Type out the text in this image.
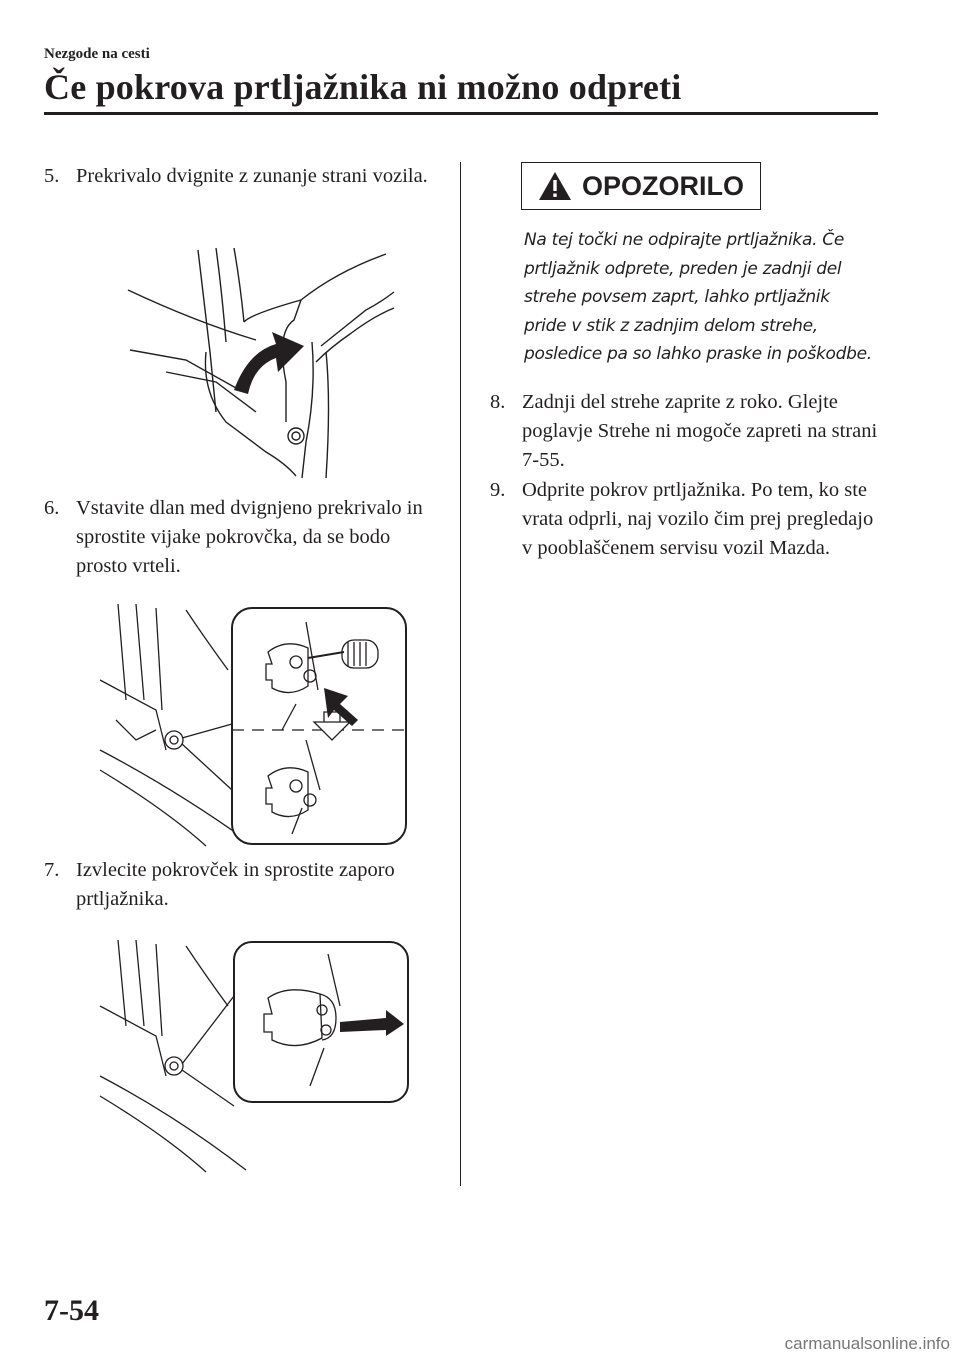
Nezgode na cesti
Če pokrova prtljažnika ni možno odpreti
5. Prekrivalo dvignite z zunanje strani vozila.
6. Vstavite dlan med dvignjeno prekrivalo in sprostite vijake pokrovčka, da se bodo prosto vrteli.
7. Izvlecite pokrovček in sprostite zaporo prtljažnika.
OPOZORILO
Na tej točki ne odpirajte prtljažnika. Če prtljažnik odprete, preden je zadnji del strehe povsem zaprt, lahko prtljažnik pride v stik z zadnjim delom strehe, posledice pa so lahko praske in poškodbe.
8. Zadnji del strehe zaprite z roko. Glejte poglavje Strehe ni mogoče zapreti na strani 7-55.
9. Odprite pokrov prtljažnika. Po tem, ko ste vrata odprli, naj vozilo čim prej pregledajo v pooblaščenem servisu vozil Mazda.
7-54
carmanualsonline.info
